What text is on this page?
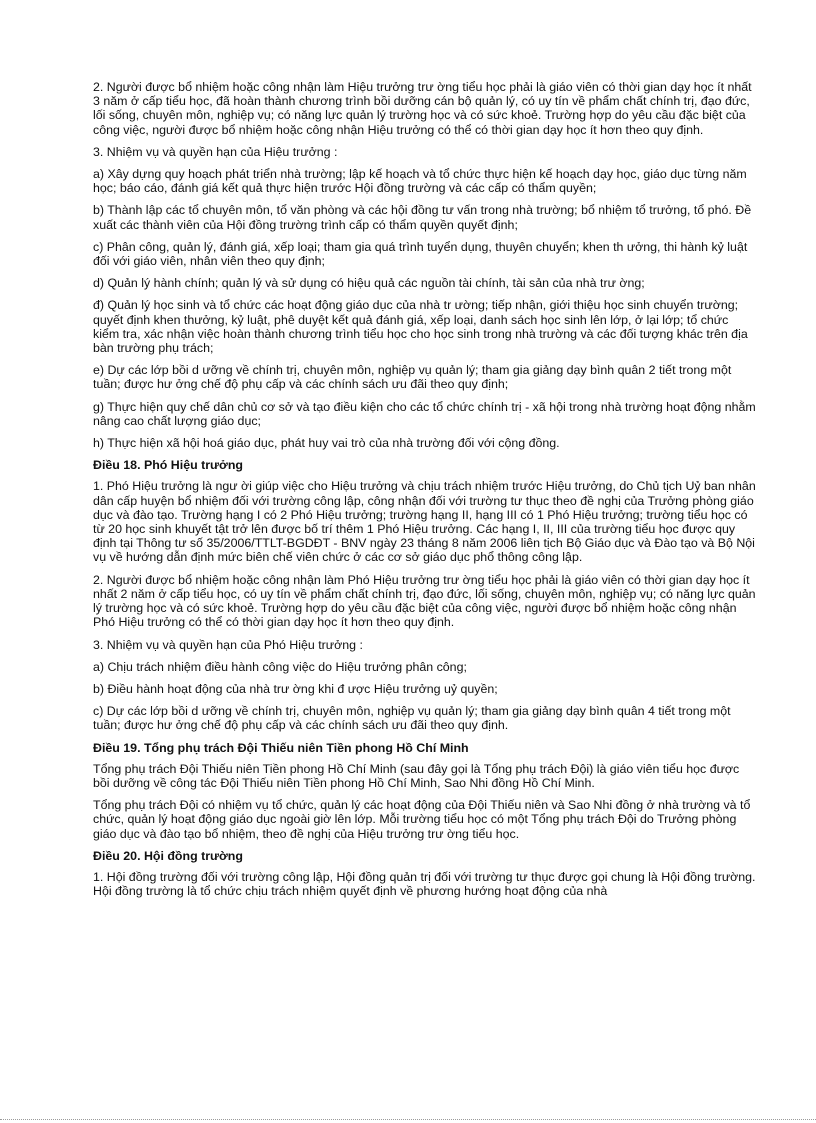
2. Người được bổ nhiệm hoặc công nhận làm Hiệu trưởng trư ờng tiểu học phải là giáo viên có thời gian dạy học ít nhất 3 năm ở cấp tiểu học, đã hoàn thành chương trình bồi dưỡng cán bộ quản lý, có uy tín về phẩm chất chính trị, đạo đức, lối sống, chuyên môn, nghiệp vụ; có năng lực quản lý trường học và có sức khoẻ. Trường hợp do yêu cầu đặc biệt của công việc, người được bổ nhiệm hoặc công nhận Hiệu trưởng có thể có thời gian dạy học ít hơn theo quy định.

3. Nhiệm vụ và quyền hạn của Hiệu trưởng :

a) Xây dựng quy hoạch phát triển nhà trường; lập kế hoạch và tổ chức thực hiện kế hoạch dạy học, giáo dục từng năm học; báo cáo, đánh giá kết quả thực hiện trước Hội đồng trường và các cấp có thẩm quyền;

b) Thành lập các tổ chuyên môn, tổ văn phòng và các hội đồng tư vấn trong nhà trường; bổ nhiệm tổ trưởng, tổ phó. Đề xuất các thành viên của Hội đồng trường trình cấp có thẩm quyền quyết định;

c) Phân công, quản lý, đánh giá, xếp loại; tham gia quá trình tuyển dụng, thuyên chuyển; khen th ưởng, thi hành kỷ luật đối với giáo viên, nhân viên theo quy định;

d) Quản lý hành chính; quản lý và sử dụng có hiệu quả các nguồn tài chính, tài sản của nhà trư ờng;

đ) Quản lý học sinh và tổ chức các hoạt động giáo dục của nhà tr ường; tiếp nhận, giới thiệu học sinh chuyển trường; quyết định khen thưởng, kỷ luật, phê duyệt kết quả đánh giá, xếp loại, danh sách học sinh lên lớp, ở lại lớp; tổ chức kiểm tra, xác nhận việc hoàn thành chương trình tiểu học cho học sinh trong nhà trường và các đối tượng khác trên địa bàn trường phụ trách;

e) Dự các lớp bồi d ưỡng về chính trị, chuyên môn, nghiệp vụ quản lý; tham gia giảng dạy bình quân 2 tiết trong một tuần; được hư ởng chế độ phụ cấp và các chính sách ưu đãi theo quy định;

g) Thực hiện quy chế dân chủ cơ sở và tạo điều kiện cho các tổ chức chính trị - xã hội trong nhà trường hoạt động nhằm nâng cao chất lượng giáo dục;

h) Thực hiện xã hội hoá giáo dục, phát huy vai trò của nhà trường đối với cộng đồng.

Điều 18. Phó Hiệu trưởng

1. Phó Hiệu trưởng là ngư ời giúp việc cho Hiệu trưởng và chịu trách nhiệm trước Hiệu trưởng, do Chủ tịch Uỷ ban nhân dân cấp huyện bổ nhiệm đối với trường công lập, công nhận đối với trường tư thục theo đề nghị của Trưởng phòng giáo dục và đào tạo. Trường hạng I có 2 Phó Hiệu trưởng; trường hạng II, hạng III có 1 Phó Hiệu trưởng; trường tiểu học có từ 20 học sinh khuyết tật trở lên được bố trí thêm 1 Phó Hiệu trưởng. Các hạng I, II, III của trường tiểu học được quy định tại Thông tư số 35/2006/TTLT-BGDĐT - BNV ngày 23 tháng 8 năm 2006 liên tịch Bộ Giáo dục và Đào tạo và Bộ Nội vụ về hướng dẫn định mức biên chế viên chức ở các cơ sở giáo dục phổ thông công lập.

2. Người được bổ nhiệm hoặc công nhận làm Phó Hiệu trưởng trư ờng tiểu học phải là giáo viên có thời gian dạy học ít nhất 2 năm ở cấp tiểu học, có uy tín về phẩm chất chính trị, đạo đức, lối sống, chuyên môn, nghiệp vụ; có năng lực quản lý trường học và có sức khoẻ. Trường hợp do yêu cầu đặc biệt của công việc, người được bổ nhiệm hoặc công nhận Phó Hiệu trưởng có thể có thời gian dạy học ít hơn theo quy định.

3. Nhiệm vụ và quyền hạn của Phó Hiệu trưởng :

a) Chịu trách nhiệm điều hành công việc do Hiệu trưởng phân công;

b) Điều hành hoạt động của nhà trư ờng khi đ ược Hiệu trưởng uỷ quyền;

c) Dự các lớp bồi d ưỡng về chính trị, chuyên môn, nghiệp vụ quản lý; tham gia giảng dạy bình quân 4 tiết trong một tuần; được hư ởng chế độ phụ cấp và các chính sách ưu đãi theo quy định.

Điều 19. Tổng phụ trách Đội Thiếu niên Tiền phong Hồ Chí Minh

Tổng phụ trách Đội Thiếu niên Tiền phong Hồ Chí Minh (sau đây gọi là Tổng phụ trách Đội) là giáo viên tiểu học được bồi dưỡng về công tác Đội Thiếu niên Tiền phong Hồ Chí Minh, Sao Nhi đồng Hồ Chí Minh.

Tổng phụ trách Đội có nhiệm vụ tổ chức, quản lý các hoạt động của Đội Thiếu niên và Sao Nhi đồng ở nhà trường và tổ chức, quản lý hoạt động giáo dục ngoài giờ lên lớp. Mỗi trường tiểu học có một Tổng phụ trách Đội do Trưởng phòng giáo dục và đào tạo bổ nhiệm, theo đề nghị của Hiệu trưởng trư ờng tiểu học.

Điều 20. Hội đồng trường

1. Hội đồng trường đối với trường công lập, Hội đồng quản trị đối với trường tư thục được gọi chung là Hội đồng trường. Hội đồng trường là tổ chức chịu trách nhiệm quyết định về phương hướng hoạt động của nhà
